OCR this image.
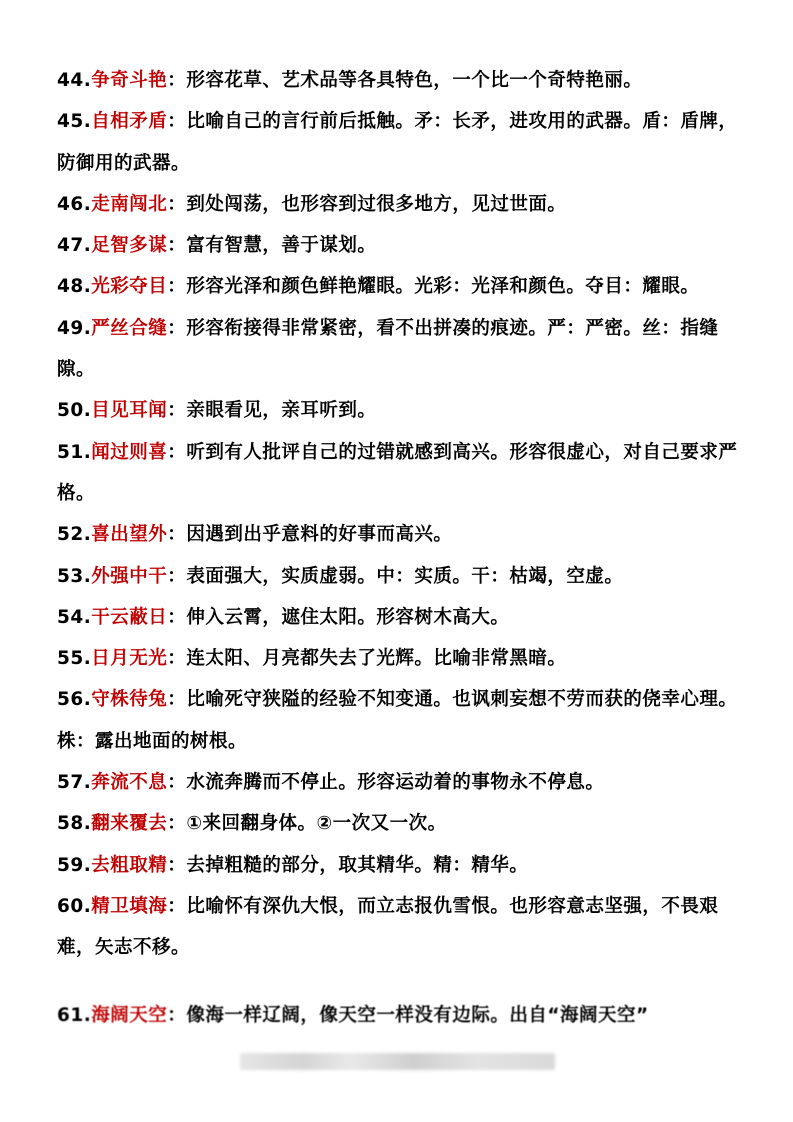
44.争奇斗艳：形容花草、艺术品等各具特色，一个比一个奇特艳丽。

45.自相矛盾：比喻自己的言行前后抵触。矛：长矛，进攻用的武器。盾：盾牌，防御用的武器。

46.走南闯北：到处闯荡，也形容到过很多地方，见过世面。

47.足智多谋：富有智慧，善于谋划。

48.光彩夺目：形容光泽和颜色鲜艳耀眼。光彩：光泽和颜色。夺目：耀眼。

49.严丝合缝：形容衔接得非常紧密，看不出拼凑的痕迹。严：严密。丝：指缝隙。

50.目见耳闻：亲眼看见，亲耳听到。

51.闻过则喜：听到有人批评自己的过错就感到高兴。形容很虚心，对自己要求严格。

52.喜出望外：因遇到出乎意料的好事而高兴。

53.外强中干：表面强大，实质虚弱。中：实质。干：枯竭，空虚。

54.干云蔽日：伸入云霄，遮住太阳。形容树木高大。

55.日月无光：连太阳、月亮都失去了光辉。比喻非常黑暗。

56.守株待兔：比喻死守狭隘的经验不知变通。也讽刺妄想不劳而获的侥幸心理。株：露出地面的树根。

57.奔流不息：水流奔腾而不停止。形容运动着的事物永不停息。

58.翻来覆去：①来回翻身体。②一次又一次。

59.去粗取精：去掉粗糙的部分，取其精华。精：精华。

60.精卫填海：比喻怀有深仇大恨，而立志报仇雪恨。也形容意志坚强，不畏艰难，矢志不移。

61.海阔天空：像海一样辽阔，像天空一样没有边际。出自“海阔天空”
